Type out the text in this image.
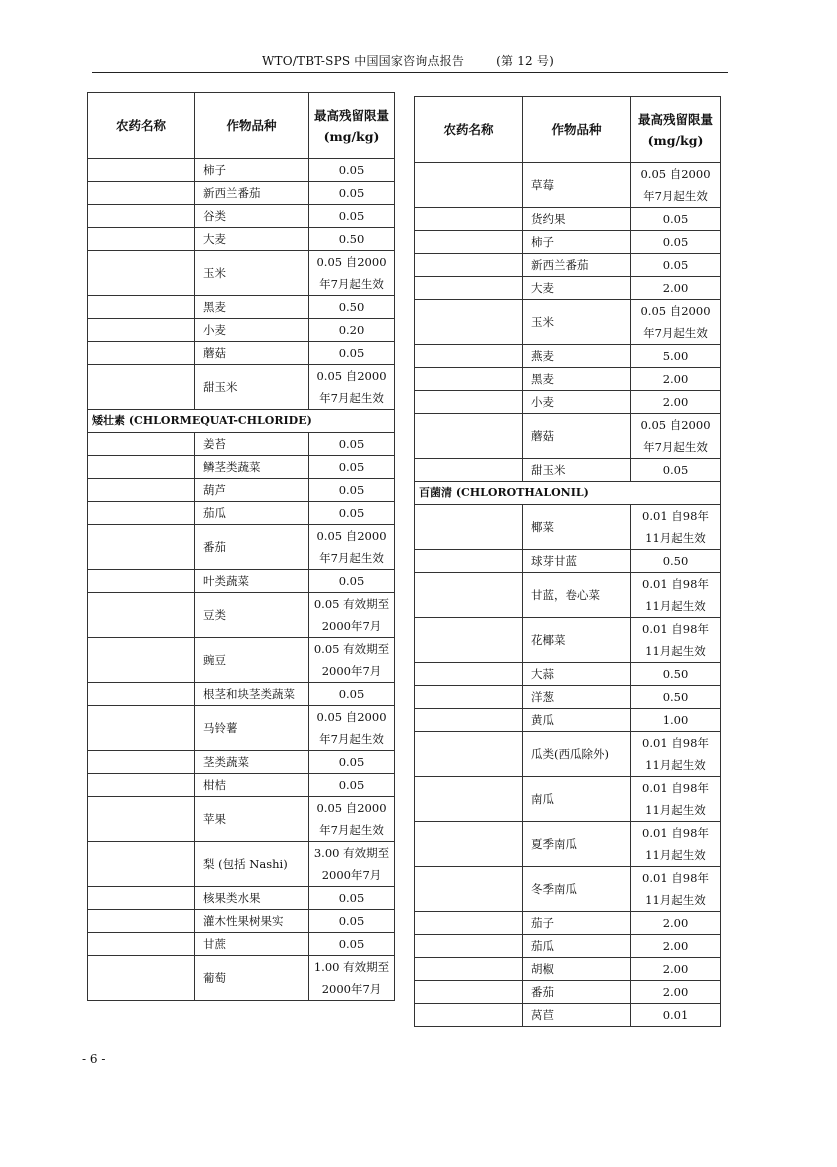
WTO/TBT-SPS 中国国家咨询点报告	(第 12 号)
农药名称	作物品种	最高残留限量(mg/kg)
	柿子	0.05
	新西兰番茄	0.05
	谷类	0.05
	大麦	0.50
	玉米	0.05 自2000年7月起生效
	黑麦	0.50
	小麦	0.20
	蘑菇	0.05
	甜玉米	0.05 自2000年7月起生效
矮壮素 (CHLORMEQUAT-CHLORIDE)		
	姜苔	0.05
	鳞茎类蔬菜	0.05
	葫芦	0.05
	茄瓜	0.05
	番茄	0.05 自2000年7月起生效
	叶类蔬菜	0.05
	豆类	0.05 有效期至2000年7月
	豌豆	0.05 有效期至2000年7月
	根茎和块茎类蔬菜	0.05
	马铃薯	0.05 自2000年7月起生效
	茎类蔬菜	0.05
	柑桔	0.05
	苹果	0.05 自2000年7月起生效
	梨 (包括 Nashi)	3.00 有效期至2000年7月
	核果类水果	0.05
	灌木性果树果实	0.05
	甘蔗	0.05
	葡萄	1.00 有效期至2000年7月
农药名称	作物品种	最高残留限量(mg/kg)
	草莓	0.05 自2000年7月起生效
	货约果	0.05
	柿子	0.05
	新西兰番茄	0.05
	大麦	2.00
	玉米	0.05 自2000年7月起生效
	燕麦	5.00
	黑麦	2.00
	小麦	2.00
	蘑菇	0.05 自2000年7月起生效
	甜玉米	0.05
百菌清 (CHLOROTHALONIL)		
	椰菜	0.01 自98年11月起生效
	球芽甘蓝	0.50
	甘蓝，卷心菜	0.01 自98年11月起生效
	花椰菜	0.01 自98年11月起生效
	大蒜	0.50
	洋葱	0.50
	黄瓜	1.00
	瓜类(西瓜除外)	0.01 自98年11月起生效
	南瓜	0.01 自98年11月起生效
	夏季南瓜	0.01 自98年11月起生效
	冬季南瓜	0.01 自98年11月起生效
	茄子	2.00
	茄瓜	2.00
	胡椒	2.00
	番茄	2.00
	莴苣	0.01
- 6 -
